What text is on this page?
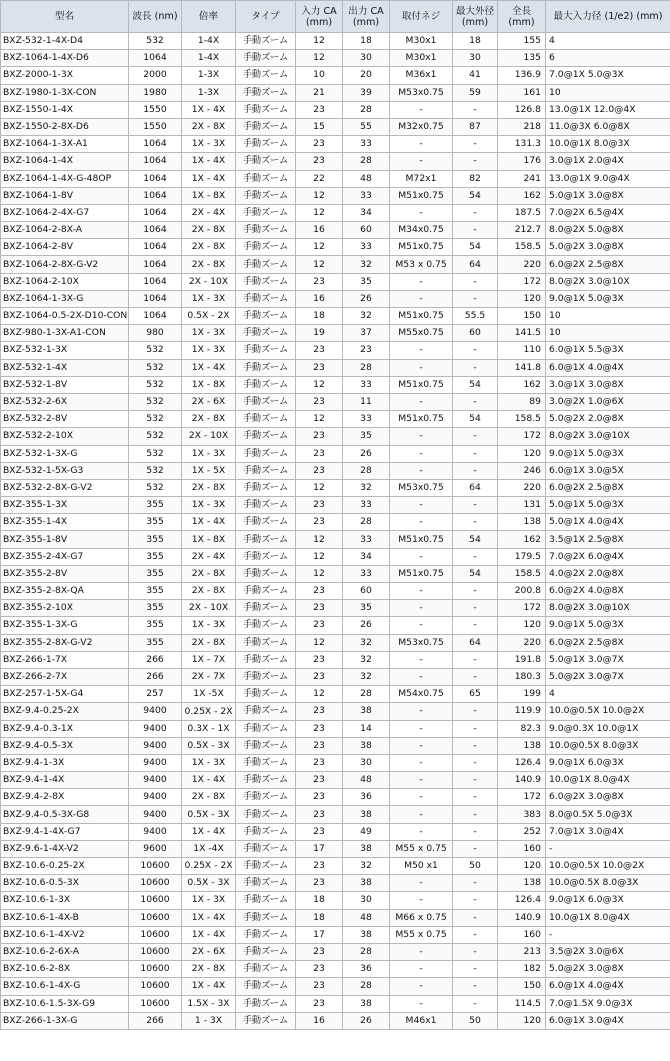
型名	波長 (nm)	倍率	タイプ	入力 CA (mm)	出力 CA (mm)	取付ネジ	最大外径 (mm)	全長 (mm)	最大入力径 (1/e2) (mm)
BXZ-532-1-4X-D4	532	1-4X	手動ズーム	12	18	M30x1	18	155	4
BXZ-1064-1-4X-D6	1064	1-4X	手動ズーム	12	30	M30x1	30	135	6
BXZ-2000-1-3X	2000	1-3X	手動ズーム	10	20	M36x1	41	136.9	7.0@1X 5.0@3X
BXZ-1980-1-3X-CON	1980	1-3X	手動ズーム	21	39	M53x0.75	59	161	10
BXZ-1550-1-4X	1550	1X - 4X	手動ズーム	23	28	-	-	126.8	13.0@1X 12.0@4X
BXZ-1550-2-8X-D6	1550	2X - 8X	手動ズーム	15	55	M32x0.75	87	218	11.0@3X 6.0@8X
BXZ-1064-1-3X-A1	1064	1X - 3X	手動ズーム	23	33	-	-	131.3	10.0@1X 8.0@3X
BXZ-1064-1-4X	1064	1X - 4X	手動ズーム	23	28	-	-	176	3.0@1X 2.0@4X
BXZ-1064-1-4X-G-48OP	1064	1X - 4X	手動ズーム	22	48	M72x1	82	241	13.0@1X 9.0@4X
BXZ-1064-1-8V	1064	1X - 8X	手動ズーム	12	33	M51x0.75	54	162	5.0@1X 3.0@8X
BXZ-1064-2-4X-G7	1064	2X - 4X	手動ズーム	12	34	-	-	187.5	7.0@2X 6.5@4X
BXZ-1064-2-8X-A	1064	2X - 8X	手動ズーム	16	60	M34x0.75	-	212.7	8.0@2X 5.0@8X
BXZ-1064-2-8V	1064	2X - 8X	手動ズーム	12	33	M51x0.75	54	158.5	5.0@2X 3.0@8X
BXZ-1064-2-8X-G-V2	1064	2X - 8X	手動ズーム	12	32	M53 x 0.75	64	220	6.0@2X 2.5@8X
BXZ-1064-2-10X	1064	2X - 10X	手動ズーム	23	35	-	-	172	8.0@2X 3.0@10X
BXZ-1064-1-3X-G	1064	1X - 3X	手動ズーム	16	26	-	-	120	9.0@1X 5.0@3X
BXZ-1064-0.5-2X-D10-CON	1064	0.5X - 2X	手動ズーム	18	32	M51x0.75	55.5	150	10
BXZ-980-1-3X-A1-CON	980	1X - 3X	手動ズーム	19	37	M55x0.75	60	141.5	10
BXZ-532-1-3X	532	1X - 3X	手動ズーム	23	23	-	-	110	6.0@1X 5.5@3X
BXZ-532-1-4X	532	1X - 4X	手動ズーム	23	28	-	-	141.8	6.0@1X 4.0@4X
BXZ-532-1-8V	532	1X - 8X	手動ズーム	12	33	M51x0.75	54	162	3.0@1X 3.0@8X
BXZ-532-2-6X	532	2X - 6X	手動ズーム	23	11	-	-	89	3.0@2X 1.0@6X
BXZ-532-2-8V	532	2X - 8X	手動ズーム	12	33	M51x0.75	54	158.5	5.0@2X 2.0@8X
BXZ-532-2-10X	532	2X - 10X	手動ズーム	23	35	-	-	172	8.0@2X 3.0@10X
BXZ-532-1-3X-G	532	1X - 3X	手動ズーム	23	26	-	-	120	9.0@1X 5.0@3X
BXZ-532-1-5X-G3	532	1X - 5X	手動ズーム	23	28	-	-	246	6.0@1X 3.0@5X
BXZ-532-2-8X-G-V2	532	2X - 8X	手動ズーム	12	32	M53x0.75	64	220	6.0@2X 2.5@8X
BXZ-355-1-3X	355	1X - 3X	手動ズーム	23	33	-	-	131	5.0@1X 5.0@3X
BXZ-355-1-4X	355	1X - 4X	手動ズーム	23	28	-	-	138	5.0@1X 4.0@4X
BXZ-355-1-8V	355	1X - 8X	手動ズーム	12	33	M51x0.75	54	162	3.5@1X 2.5@8X
BXZ-355-2-4X-G7	355	2X - 4X	手動ズーム	12	34	-	-	179.5	7.0@2X 6.0@4X
BXZ-355-2-8V	355	2X - 8X	手動ズーム	12	33	M51x0.75	54	158.5	4.0@2X 2.0@8X
BXZ-355-2-8X-QA	355	2X - 8X	手動ズーム	23	60	-	-	200.8	6.0@2X 4.0@8X
BXZ-355-2-10X	355	2X - 10X	手動ズーム	23	35	-	-	172	8.0@2X 3.0@10X
BXZ-355-1-3X-G	355	1X - 3X	手動ズーム	23	26	-	-	120	9.0@1X 5.0@3X
BXZ-355-2-8X-G-V2	355	2X - 8X	手動ズーム	12	32	M53x0.75	64	220	6.0@2X 2.5@8X
BXZ-266-1-7X	266	1X - 7X	手動ズーム	23	32	-	-	191.8	5.0@1X 3.0@7X
BXZ-266-2-7X	266	2X - 7X	手動ズーム	23	32	-	-	180.3	5.0@2X 3.0@7X
BXZ-257-1-5X-G4	257	1X -5X	手動ズーム	12	28	M54x0.75	65	199	4
BXZ-9.4-0.25-2X	9400	0.25X - 2X	手動ズーム	23	38	-	-	119.9	10.0@0.5X 10.0@2X
BXZ-9.4-0.3-1X	9400	0.3X - 1X	手動ズーム	23	14	-	-	82.3	9.0@0.3X 10.0@1X
BXZ-9.4-0.5-3X	9400	0.5X - 3X	手動ズーム	23	38	-	-	138	10.0@0.5X 8.0@3X
BXZ-9.4-1-3X	9400	1X - 3X	手動ズーム	23	30	-	-	126.4	9.0@1X 6.0@3X
BXZ-9.4-1-4X	9400	1X - 4X	手動ズーム	23	48	-	-	140.9	10.0@1X 8.0@4X
BXZ-9.4-2-8X	9400	2X - 8X	手動ズーム	23	36	-	-	172	6.0@2X 3.0@8X
BXZ-9.4-0.5-3X-G8	9400	0.5X - 3X	手動ズーム	23	38	-	-	383	8.0@0.5X 5.0@3X
BXZ-9.4-1-4X-G7	9400	1X - 4X	手動ズーム	23	49	-	-	252	7.0@1X 3.0@4X
BXZ-9.6-1-4X-V2	9600	1X -4X	手動ズーム	17	38	M55 x 0.75	-	160	-
BXZ-10.6-0.25-2X	10600	0.25X - 2X	手動ズーム	23	32	M50 x1	50	120	10.0@0.5X 10.0@2X
BXZ-10.6-0.5-3X	10600	0.5X - 3X	手動ズーム	23	38	-	-	138	10.0@0.5X 8.0@3X
BXZ-10.6-1-3X	10600	1X - 3X	手動ズーム	18	30	-	-	126.4	9.0@1X 6.0@3X
BXZ-10.6-1-4X-B	10600	1X - 4X	手動ズーム	18	48	M66 x 0.75	-	140.9	10.0@1X 8.0@4X
BXZ-10.6-1-4X-V2	10600	1X - 4X	手動ズーム	17	38	M55 x 0.75	-	160	-
BXZ-10.6-2-6X-A	10600	2X - 6X	手動ズーム	23	28	-	-	213	3.5@2X 3.0@6X
BXZ-10.6-2-8X	10600	2X - 8X	手動ズーム	23	36	-	-	182	5.0@2X 3.0@8X
BXZ-10.6-1-4X-G	10600	1X - 4X	手動ズーム	23	28	-	-	150	6.0@1X 4.0@4X
BXZ-10.6-1.5-3X-G9	10600	1.5X - 3X	手動ズーム	23	38	-	-	114.5	7.0@1.5X 9.0@3X
BXZ-266-1-3X-G	266	1 - 3X	手動ズーム	16	26	M46x1	50	120	6.0@1X 3.0@4X
